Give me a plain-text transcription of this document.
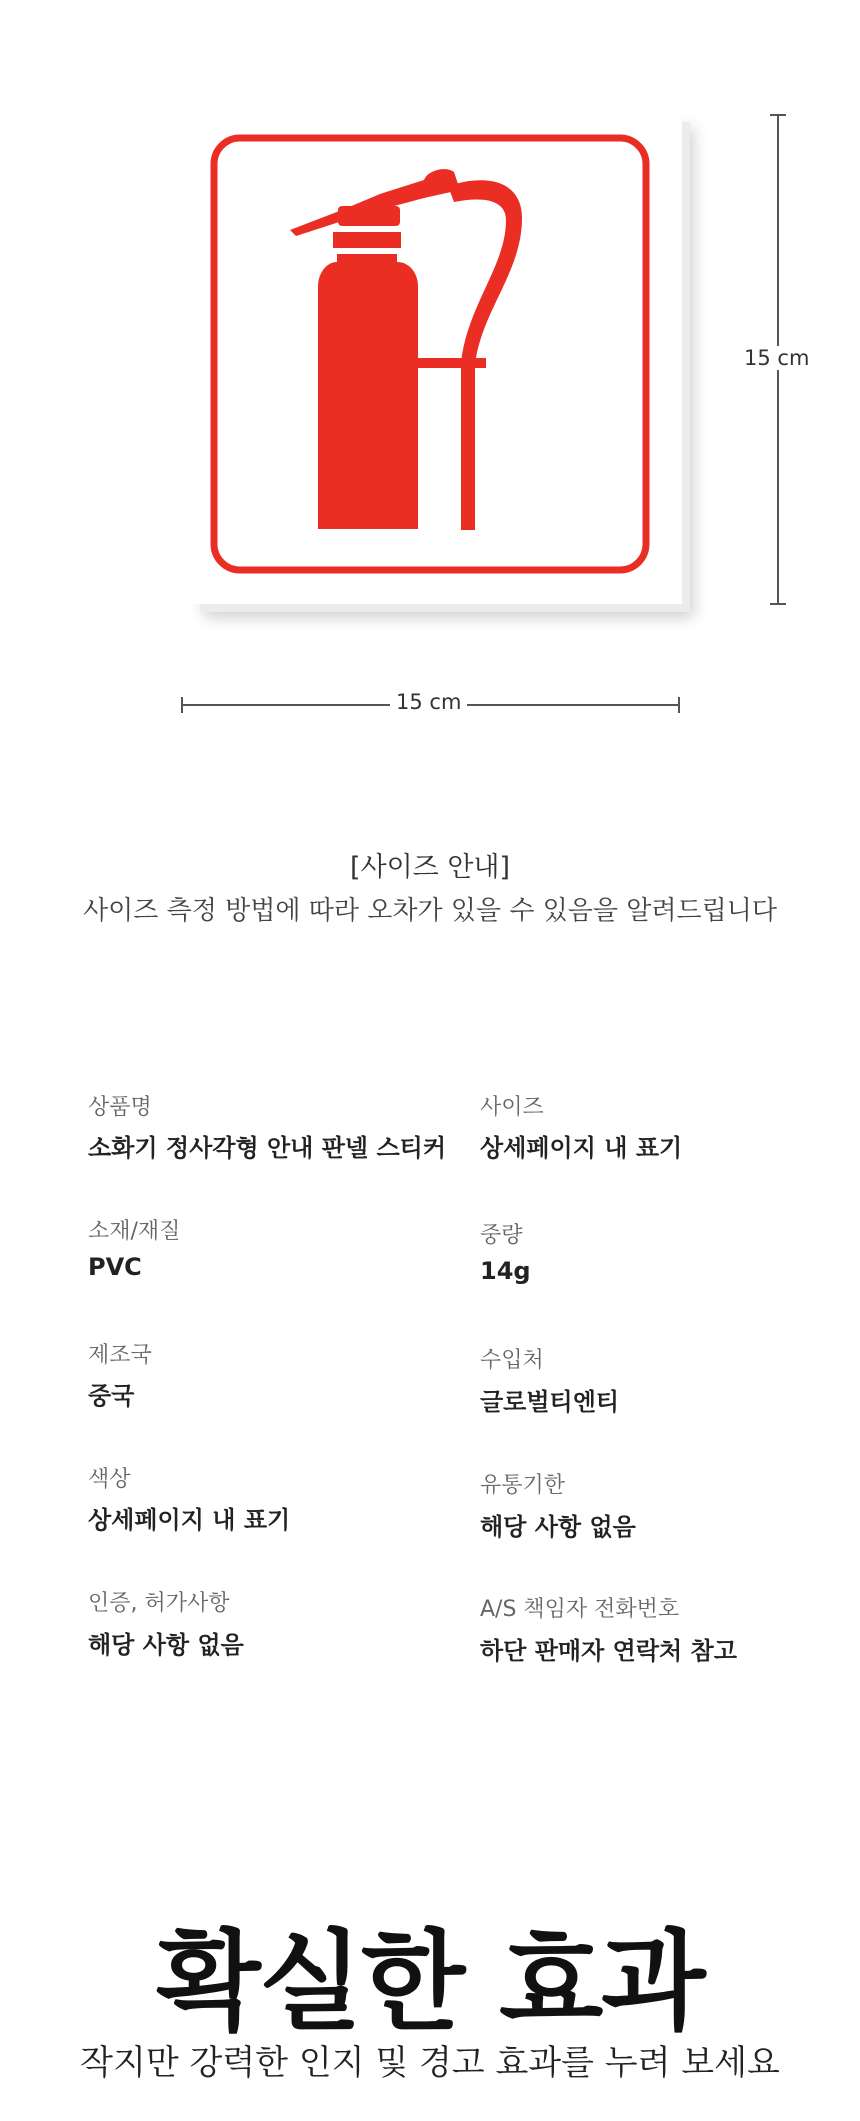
15 cm
15 cm
[사이즈 안내]
사이즈 측정 방법에 따라 오차가 있을 수 있음을 알려드립니다
상품명
소화기 정사각형 안내 판넬 스티커
소재/재질
PVC
제조국
중국
색상
상세페이지 내 표기
인증, 허가사항
해당 사항 없음
사이즈
상세페이지 내 표기
중량
14g
수입처
글로벌티엔티
유통기한
해당 사항 없음
A/S 책임자 전화번호
하단 판매자 연락처 참고
확실한 효과
작지만 강력한 인지 및 경고 효과를 누려 보세요
